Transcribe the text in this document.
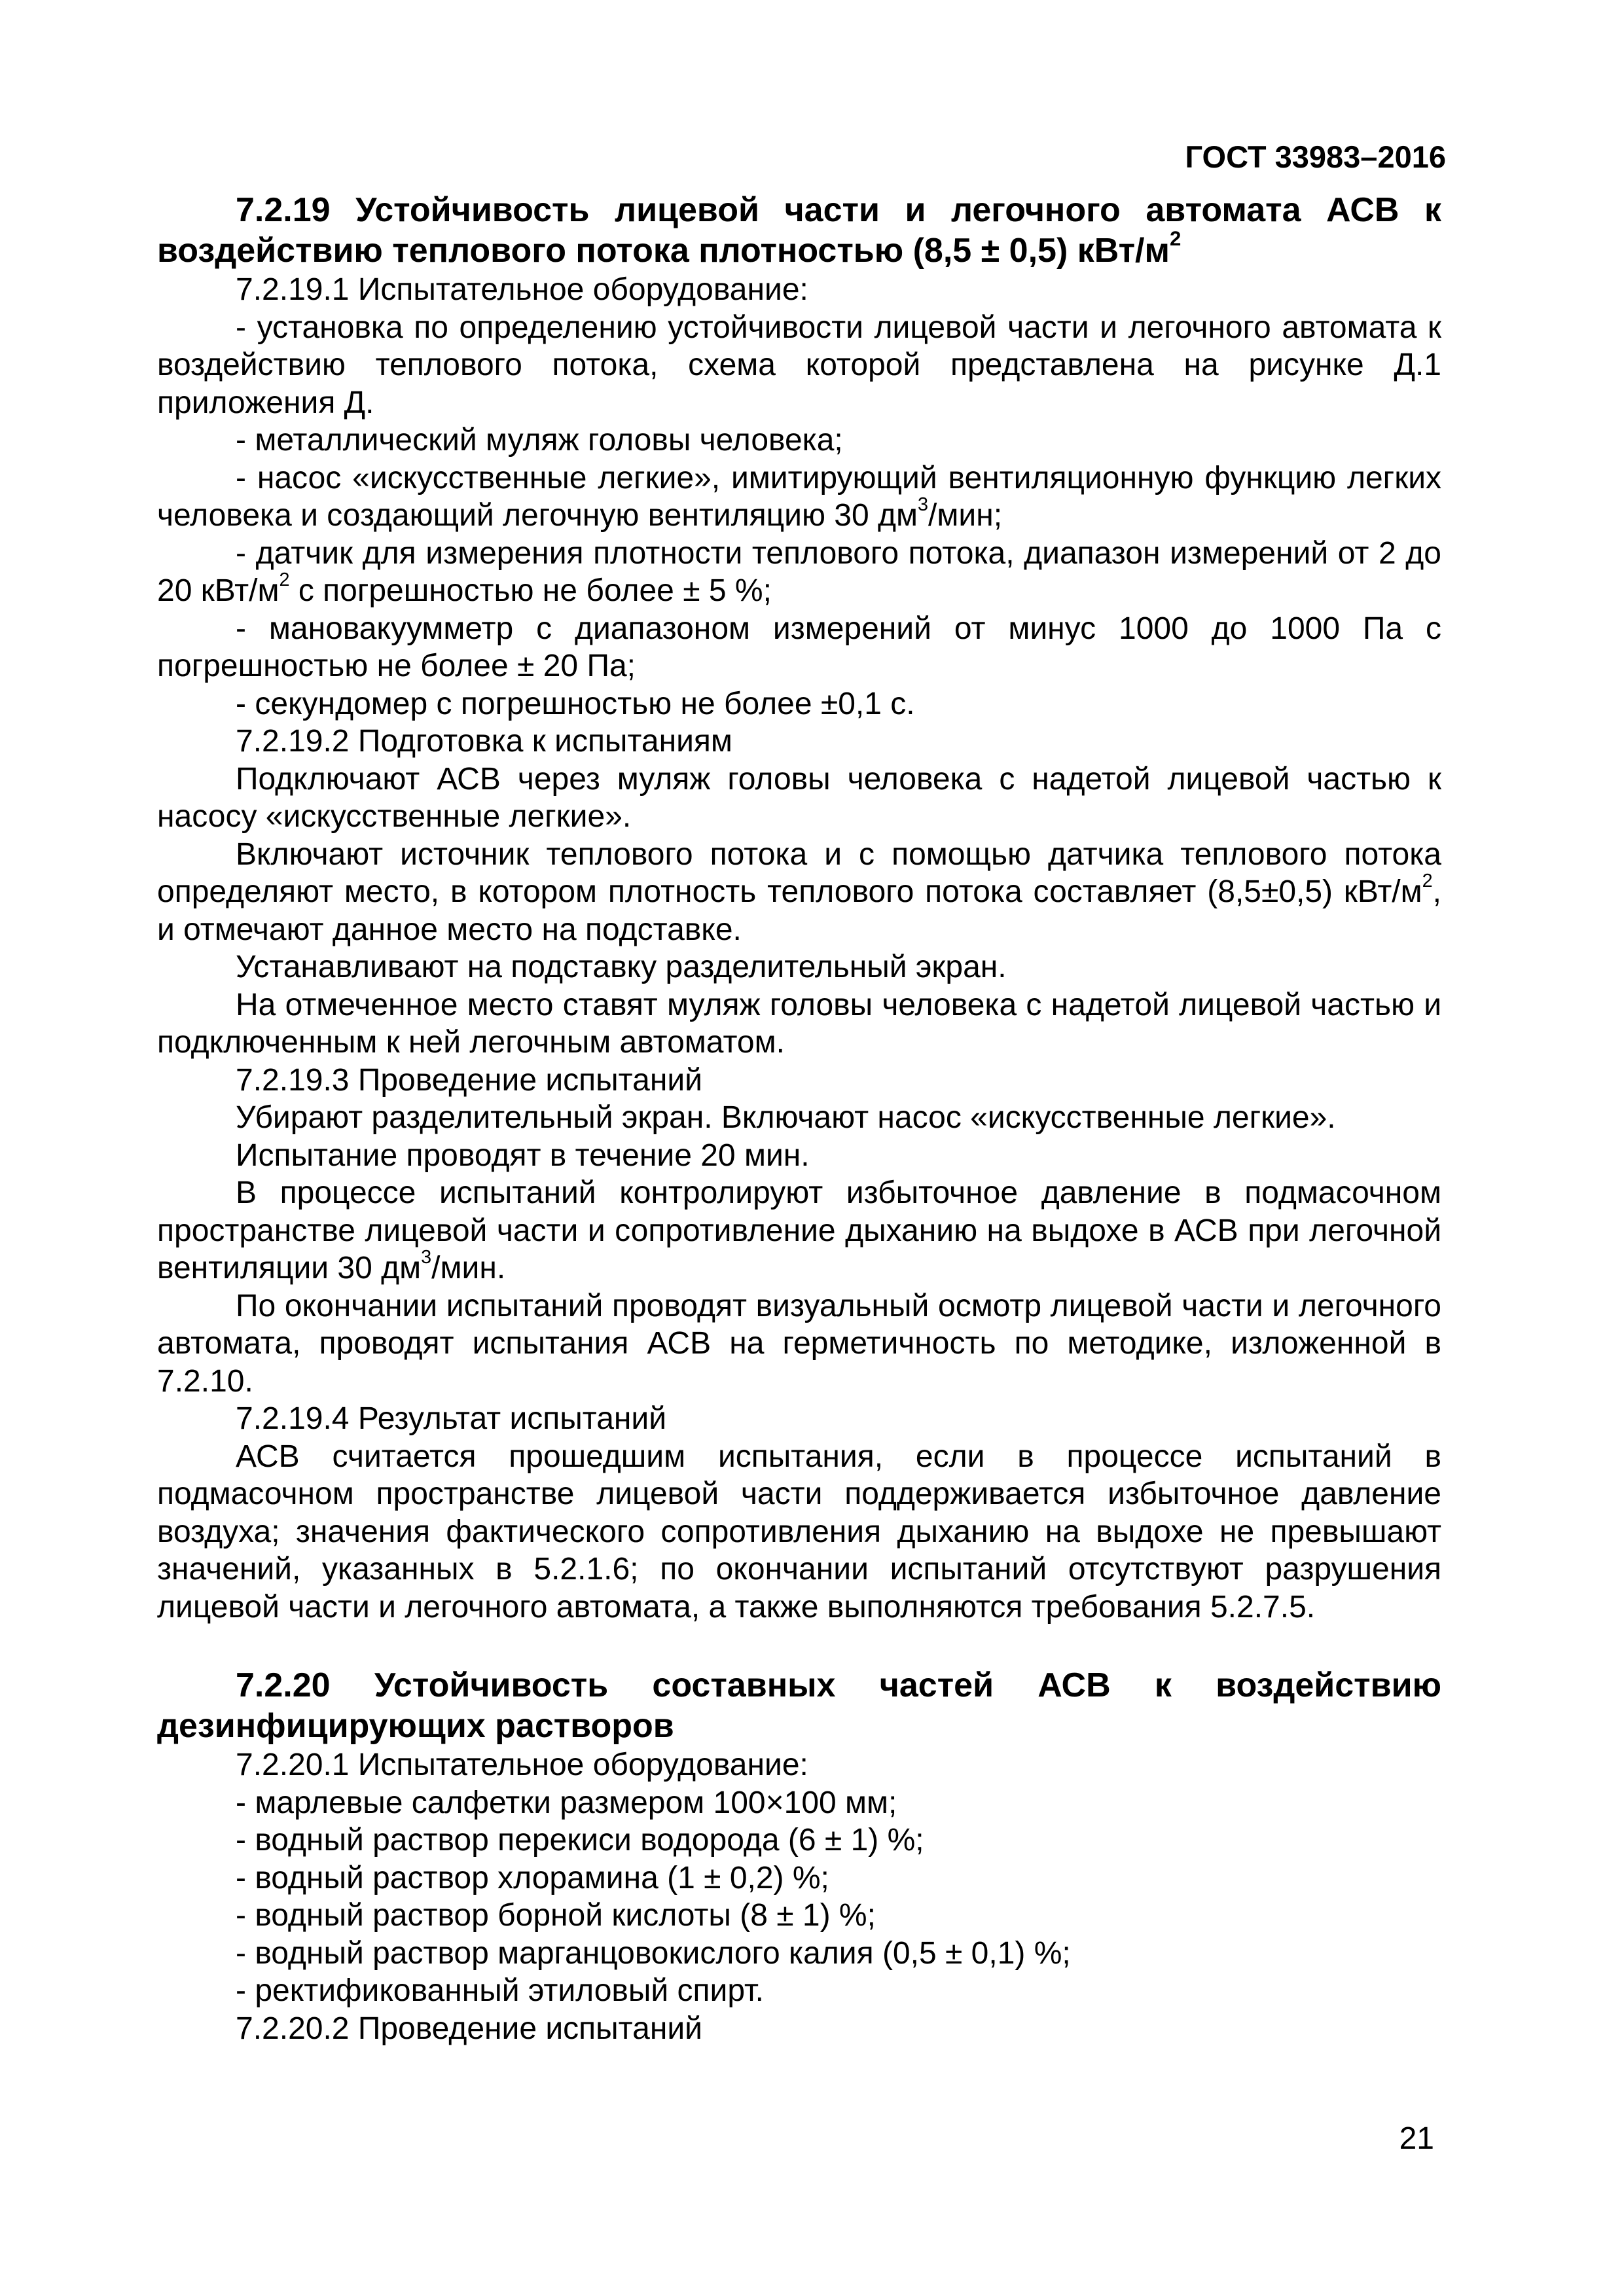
ГОСТ 33983–2016

7.2.19 Устойчивость лицевой части и легочного автомата АСВ к воздействию теплового потока плотностью (8,5 ± 0,5) кВт/$м^2$

7.2.19.1 Испытательное оборудование:

- установка по определению устойчивости лицевой части и легочного автомата к воздействию теплового потока, схема которой представлена на рисунке Д.1 приложения Д.

- металлический муляж головы человека;

- насос «искусственные легкие», имитирующий вентиляционную функцию легких человека и создающий легочную вентиляцию 30 $дм^3$/мин;

- датчик для измерения плотности теплового потока, диапазон измерений от 2 до 20 кВт/$м^2$ с погрешностью не более ± 5 %;

- мановакуумметр с диапазоном измерений от минус 1000 до 1000 Па с погрешностью не более ± 20 Па;

- секундомер с погрешностью не более ±0,1 с.

7.2.19.2 Подготовка к испытаниям

Подключают АСВ через муляж головы человека с надетой лицевой частью к насосу «искусственные легкие».

Включают источник теплового потока и с помощью датчика теплового потока определяют место, в котором плотность теплового потока составляет (8,5±0,5) кВт/$м^2$, и отмечают данное место на подставке.

Устанавливают на подставку разделительный экран.

На отмеченное место ставят муляж головы человека с надетой лицевой частью и подключенным к ней легочным автоматом.

7.2.19.3 Проведение испытаний

Убирают разделительный экран. Включают насос «искусственные легкие».

Испытание проводят в течение 20 мин.

В процессе испытаний контролируют избыточное давление в подмасочном пространстве лицевой части и сопротивление дыханию на выдохе в АСВ при легочной вентиляции 30 $дм^3$/мин.

По окончании испытаний проводят визуальный осмотр лицевой части и легочного автомата, проводят испытания АСВ на герметичность по методике, изложенной в 7.2.10.

7.2.19.4 Результат испытаний

АСВ считается прошедшим испытания, если в процессе испытаний в подмасочном пространстве лицевой части поддерживается избыточное давление воздуха; значения фактического сопротивления дыханию на выдохе не превышают значений, указанных в 5.2.1.6; по окончании испытаний отсутствуют разрушения лицевой части и легочного автомата, а также выполняются требования 5.2.7.5.

7.2.20 Устойчивость составных частей АСВ к воздействию дезинфицирующих растворов

7.2.20.1 Испытательное оборудование:

- марлевые салфетки размером 100×100 мм;

- водный раствор перекиси водорода (6 ± 1) %;

- водный раствор хлорамина (1 ± 0,2) %;

- водный раствор борной кислоты (8 ± 1) %;

- водный раствор марганцовокислого калия (0,5 ± 0,1) %;

- ректификованный этиловый спирт.

7.2.20.2 Проведение испытаний

21
